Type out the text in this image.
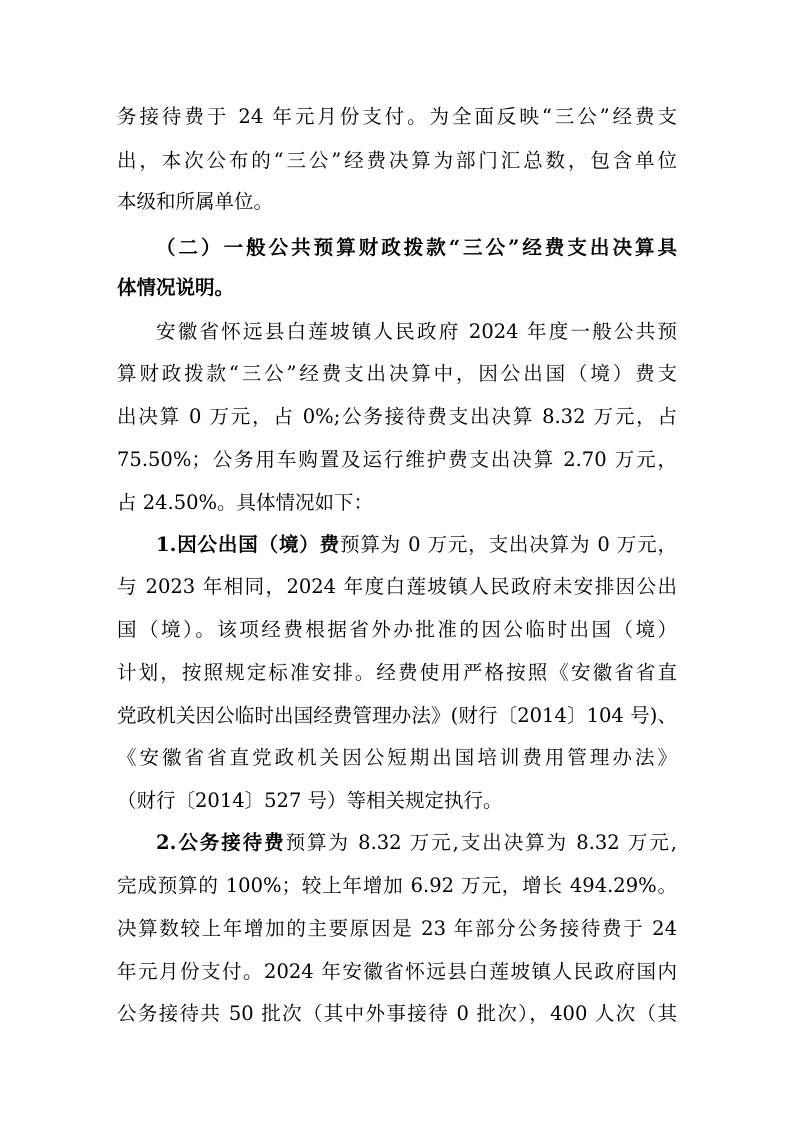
务接待费于 24 年元月份支付。为全面反映“三公”经费支
出，本次公布的“三公”经费决算为部门汇总数，包含单位
本级和所属单位。
（二）一般公共预算财政拨款“三公”经费支出决算具
体情况说明。
安徽省怀远县白莲坡镇人民政府 2024 年度一般公共预
算财政拨款“三公”经费支出决算中，因公出国（境）费支
出决算 0 万元，占 0%;公务接待费支出决算 8.32 万元，占
75.50%；公务用车购置及运行维护费支出决算 2.70 万元，
占 24.50%。具体情况如下：
1.因公出国（境）费预算为 0 万元，支出决算为 0 万元，
与 2023 年相同，2024 年度白莲坡镇人民政府未安排因公出
国（境）。该项经费根据省外办批准的因公临时出国（境）
计划，按照规定标准安排。经费使用严格按照《安徽省省直
党政机关因公临时出国经费管理办法》(财行〔2014〕104 号)、
《安徽省省直党政机关因公短期出国培训费用管理办法》
（财行〔2014〕527 号）等相关规定执行。
2.公务接待费预算为 8.32 万元,支出决算为 8.32 万元,
完成预算的 100%；较上年增加 6.92 万元，增长 494.29%。
决算数较上年增加的主要原因是 23 年部分公务接待费于 24
年元月份支付。2024 年安徽省怀远县白莲坡镇人民政府国内
公务接待共 50 批次（其中外事接待 0 批次），400 人次（其
